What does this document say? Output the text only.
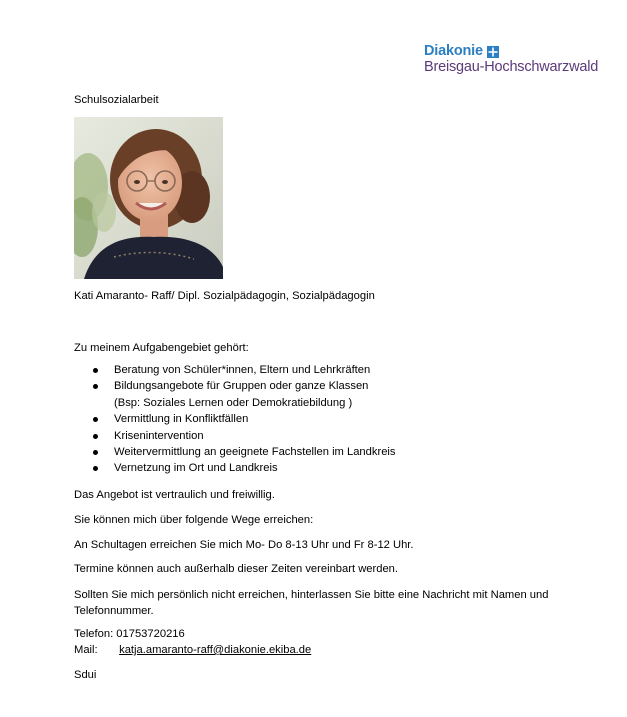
Diakonie
Breisgau-Hochschwarzwald
Schulsozialarbeit
Kati Amaranto- Raff/ Dipl. Sozialpädagogin, Sozialpädagogin
Zu meinem Aufgabengebiet gehört:
Beratung von Schüler*innen, Eltern und Lehrkräften
Bildungsangebote für Gruppen oder ganze Klassen
(Bsp: Soziales Lernen oder Demokratiebildung )
Vermittlung in Konfliktfällen
Krisenintervention
Weitervermittlung an geeignete Fachstellen im Landkreis
Vernetzung im Ort und Landkreis
Das Angebot ist vertraulich und freiwillig.
Sie können mich über folgende Wege erreichen:
An Schultagen erreichen Sie mich Mo- Do 8-13 Uhr und Fr 8-12 Uhr.
Termine können auch außerhalb dieser Zeiten vereinbart werden.
Sollten Sie mich persönlich nicht erreichen, hinterlassen Sie bitte eine Nachricht mit Namen und
Telefonnummer.
Telefon: 01753720216
Mail: katja.amaranto-raff@diakonie.ekiba.de
Sdui
